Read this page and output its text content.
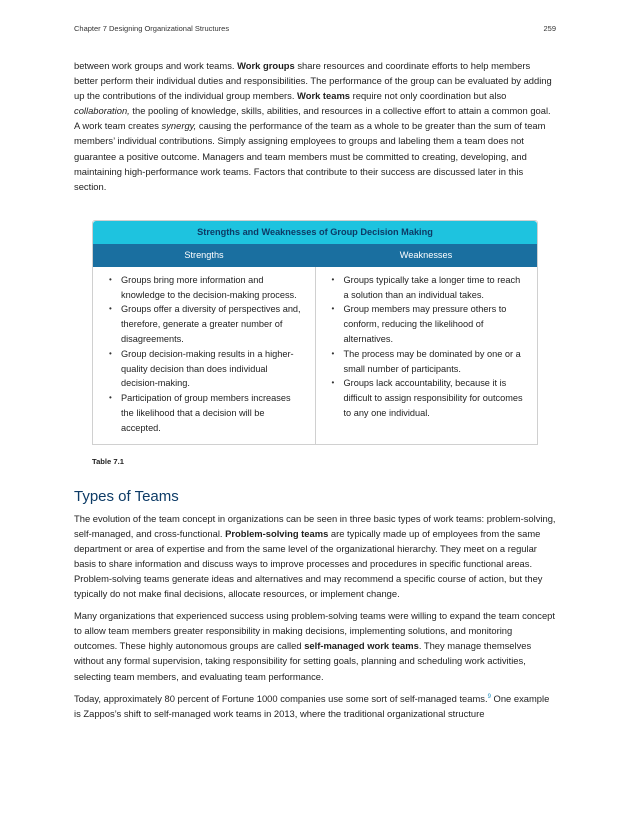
Chapter 7 Designing Organizational Structures	259

between work groups and work teams. Work groups share resources and coordinate efforts to help members better perform their individual duties and responsibilities. The performance of the group can be evaluated by adding up the contributions of the individual group members. Work teams require not only coordination but also collaboration, the pooling of knowledge, skills, abilities, and resources in a collective effort to attain a common goal. A work team creates synergy, causing the performance of the team as a whole to be greater than the sum of team members’ individual contributions. Simply assigning employees to groups and labeling them a team does not guarantee a positive outcome. Managers and team members must be committed to creating, developing, and maintaining high-performance work teams. Factors that contribute to their success are discussed later in this section.

Strengths and Weaknesses of Group Decision Making
Strengths	Weaknesses
• Groups bring more information and knowledge to the decision-making process.
• Groups offer a diversity of perspectives and, therefore, generate a greater number of disagreements.
• Group decision-making results in a higher-quality decision than does individual decision-making.
• Participation of group members increases the likelihood that a decision will be accepted.
• Groups typically take a longer time to reach a solution than an individual takes.
• Group members may pressure others to conform, reducing the likelihood of alternatives.
• The process may be dominated by one or a small number of participants.
• Groups lack accountability, because it is difficult to assign responsibility for outcomes to any one individual.
Table 7.1
Types of Teams

The evolution of the team concept in organizations can be seen in three basic types of work teams: problem-solving, self-managed, and cross-functional. Problem-solving teams are typically made up of employees from the same department or area of expertise and from the same level of the organizational hierarchy. They meet on a regular basis to share information and discuss ways to improve processes and procedures in specific functional areas. Problem-solving teams generate ideas and alternatives and may recommend a specific course of action, but they typically do not make final decisions, allocate resources, or implement change.

Many organizations that experienced success using problem-solving teams were willing to expand the team concept to allow team members greater responsibility in making decisions, implementing solutions, and monitoring outcomes. These highly autonomous groups are called self-managed work teams. They manage themselves without any formal supervision, taking responsibility for setting goals, planning and scheduling work activities, selecting team members, and evaluating team performance.

Today, approximately 80 percent of Fortune 1000 companies use some sort of self-managed teams.$^9$ One example is Zappos’s shift to self-managed work teams in 2013, where the traditional organizational structure
